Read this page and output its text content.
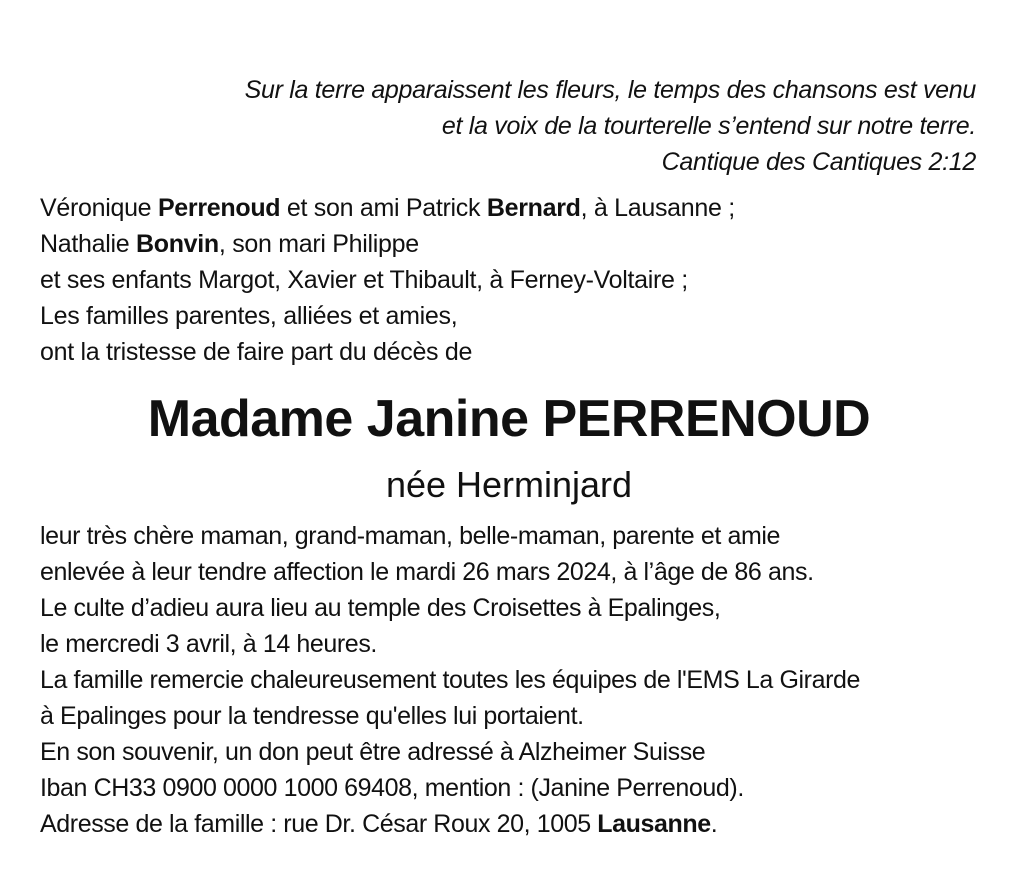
Sur la terre apparaissent les fleurs, le temps des chansons est venu
et la voix de la tourterelle s’entend sur notre terre.
Cantique des Cantiques 2:12
Véronique Perrenoud et son ami Patrick Bernard, à Lausanne ;
Nathalie Bonvin, son mari Philippe
et ses enfants Margot, Xavier et Thibault, à Ferney-Voltaire ;
Les familles parentes, alliées et amies,
ont la tristesse de faire part du décès de
Madame Janine PERRENOUD
née Herminjard
leur très chère maman, grand-maman, belle-maman, parente et amie
enlevée à leur tendre affection le mardi 26 mars 2024, à l’âge de 86 ans.
Le culte d’adieu aura lieu au temple des Croisettes à Epalinges,
le mercredi 3 avril, à 14 heures.
La famille remercie chaleureusement toutes les équipes de l'EMS La Girarde
à Epalinges pour la tendresse qu'elles lui portaient.
En son souvenir, un don peut être adressé à Alzheimer Suisse
Iban CH33 0900 0000 1000 69408, mention : (Janine Perrenoud).
Adresse de la famille : rue Dr. César Roux 20, 1005 Lausanne.
